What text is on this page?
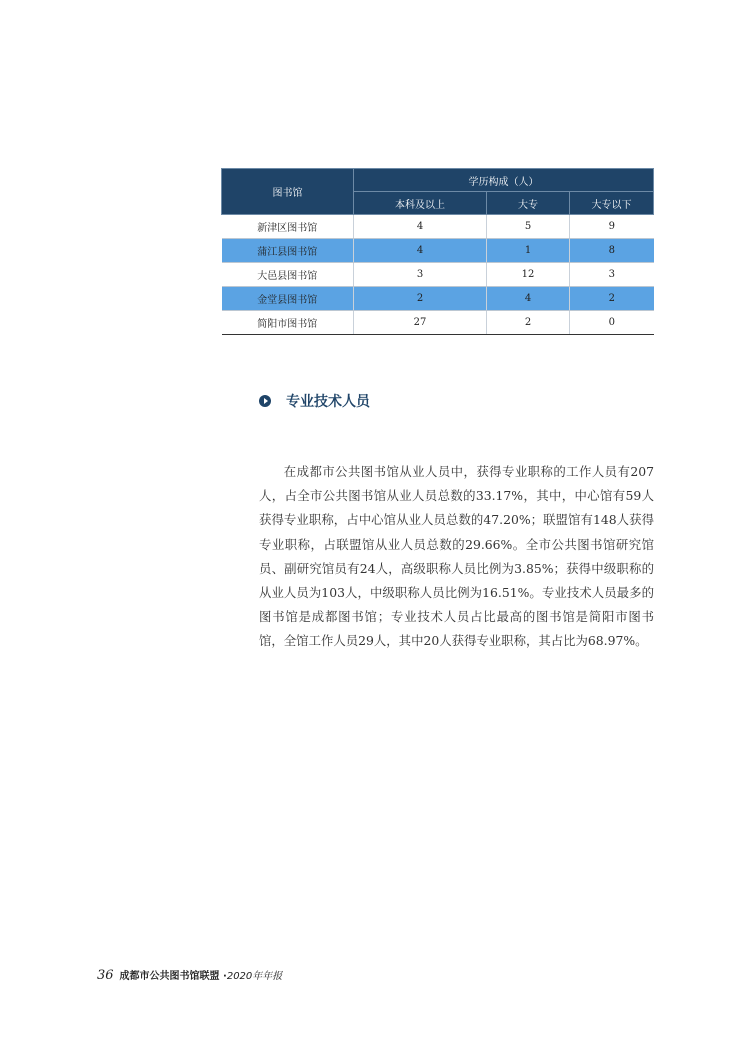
图书馆	学历构成（人）		
	本科及以上	大专	大专以下
新津区图书馆	4	5	9
蒲江县图书馆	4	1	8
大邑县图书馆	3	12	3
金堂县图书馆	2	4	2
简阳市图书馆	27	2	0
专业技术人员

在成都市公共图书馆从业人员中，获得专业职称的工作人员有207人，占全市公共图书馆从业人员总数的33.17%，其中，中心馆有59人获得专业职称，占中心馆从业人员总数的47.20%；联盟馆有148人获得专业职称，占联盟馆从业人员总数的29.66%。全市公共图书馆研究馆员、副研究馆员有24人，高级职称人员比例为3.85%；获得中级职称的从业人员为103人，中级职称人员比例为16.51%。专业技术人员最多的图书馆是成都图书馆；专业技术人员占比最高的图书馆是简阳市图书馆，全馆工作人员29人，其中20人获得专业职称，其占比为68.97%。

36 成都市公共图书馆联盟 · 2020年年报
